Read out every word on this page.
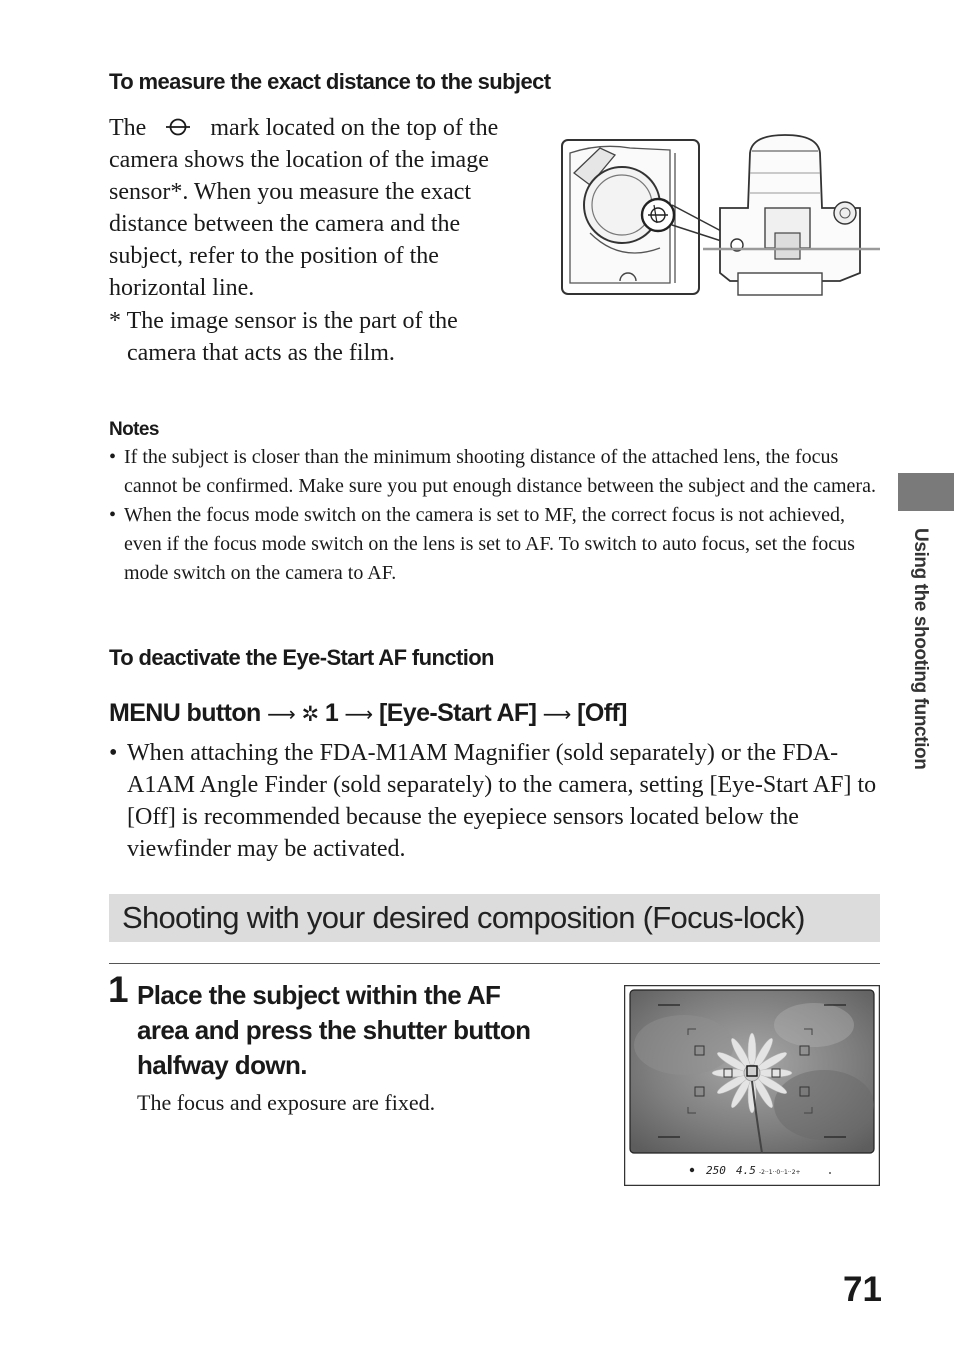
To measure the exact distance to the subject
The	mark located on the top of the camera shows the location of the image sensor*. When you measure the exact distance between the camera and the subject, refer to the position of the horizontal line.
* The image sensor is the part of the camera that acts as the film.
Notes
• If the subject is closer than the minimum shooting distance of the attached lens, the focus cannot be confirmed. Make sure you put enough distance between the subject and the camera.
• When the focus mode switch on the camera is set to MF, the correct focus is not achieved, even if the focus mode switch on the lens is set to AF. To switch to auto focus, set the focus mode switch on the camera to AF.
To deactivate the Eye-Start AF function
MENU button ⟶ ✲ 1 ⟶ [Eye-Start AF] ⟶ [Off]
• When attaching the FDA-M1AM Magnifier (sold separately) or the FDA-A1AM Angle Finder (sold separately) to the camera, setting [Eye-Start AF] to [Off] is recommended because the eyepiece sensors located below the viewfinder may be activated.
Shooting with your desired composition (Focus-lock)
1 Place the subject within the AF area and press the shutter button halfway down.
The focus and exposure are fixed.
250 4.5 -2··1··0··1··2+
Using the shooting function
71
